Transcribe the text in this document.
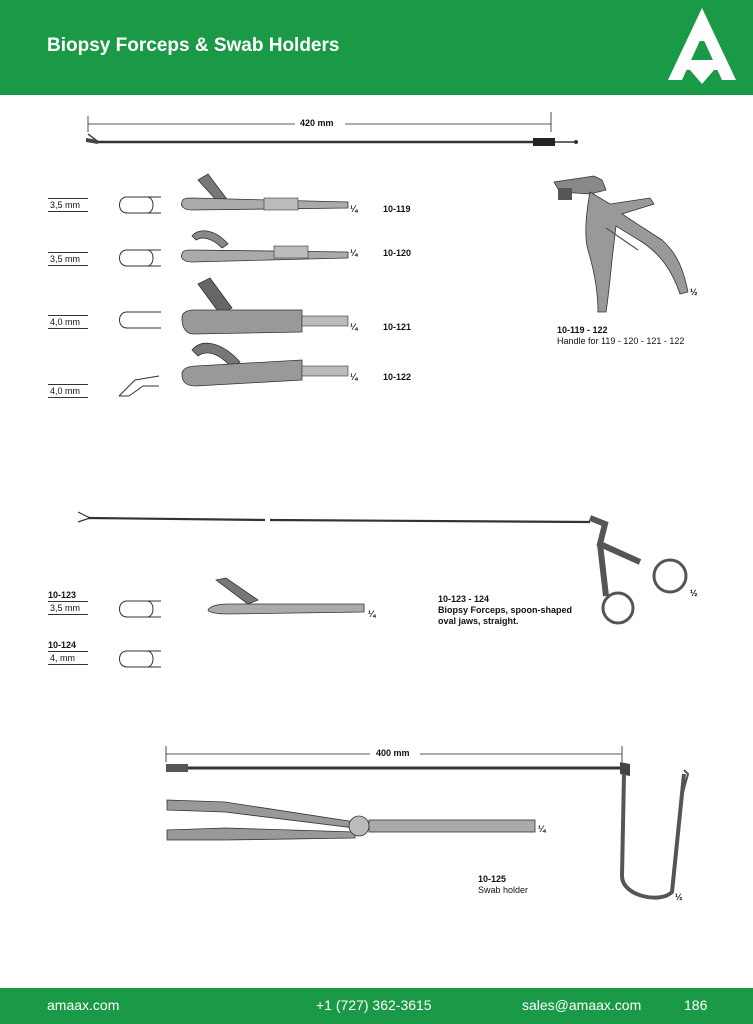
Biopsy Forceps & Swab Holders
420 mm
3,5 mm	¼	10-119
3,5 mm
¼	10-120
4,0 mm	¼	10-121
4,0 mm
¼	10-122
½
10-119 - 122
Handle for 119 - 120 - 121 - 122
½
10-123
3,5 mm
¼
10-124
4, mm
10-123 - 124
Biopsy Forceps, spoon-shaped
oval jaws, straight.
400 mm
¼
½
10-125
Swab holder
amaax.com	+1 (727) 362-3615	sales@amaax.com	186
